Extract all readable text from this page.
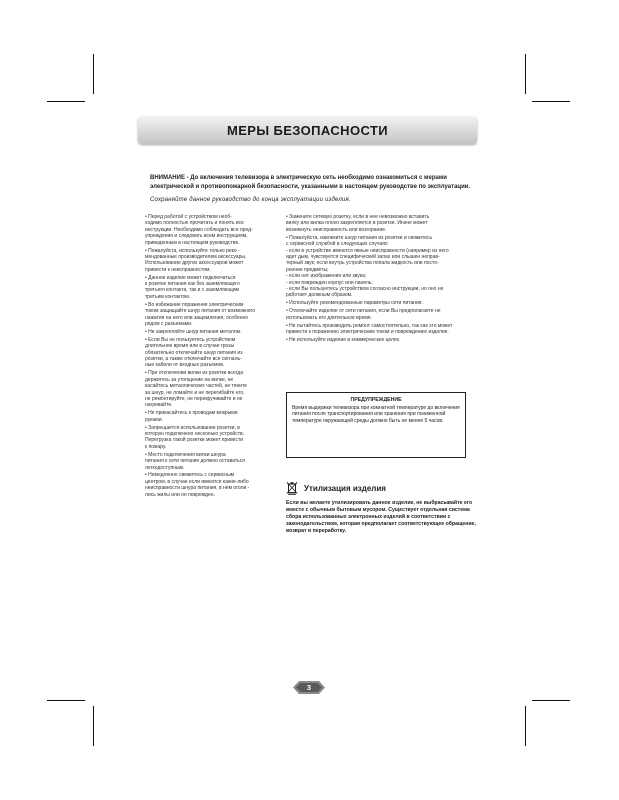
МЕРЫ БЕЗОПАСНОСТИ
ВНИМАНИЕ - До включения телевизора в электрическую сеть необходимо ознакомиться с мерами электрической и противопожарной безопасности, указанными в настоящем руководстве по эксплуатации.
Сохраняйте данное руководство до конца эксплуатации изделия.

• Перед работой с устройством необ-
ходимо полностью прочитать и понять все
инструкции. Необходимо соблюдать все пред-
упреждения и следовать всем инструкциям,
приведенным в настоящем руководстве.

• Пожалуйста, используйте только реко -
мендованные производителем аксессуары.
Использование других аксессуаров может
привести к неисправностям.

• Данное изделие может подключаться
к розетке питания как без заземляющего
третьего контакта, так и с заземляющим
третьим контактом.

• Во избежание поражения электрическим
током защищайте шнур питания от возможного
нажатия на него или защемления, особенно
рядом с разъемами.

• Не закрепляйте шнур питания металом.

• Если Вы не пользуетесь устройством
длительное время или в случае грозы
обязательно отключайте шнур питания из
розетки, а также отключайте все сигналь-
ные кабели от входных разъемов.

• При отключении вилки из розетки всегда
держитесь за утолщение на вилке, не
касайтесь металлических частей, не тяните
за шнур, не ломайте и не перегибайте его,
не ремонтируйте, не перекручивайте и не
нагревайте.

• Не прикасайтесь к проводам мокрыми
руками.

• Запрещается использование розетки, в
которую подключено несколько устройств.
Перегрузка такой розетки может привести
к пожару.

• Место подключения вилки шнура
питания к сети питания должно оставаться
легкодоступным.

• Немедленно свяжитесь с сервисным
центром, в случае если имеются какие-либо
неисправности шнура питания, в нем оголи -
лись жилы или он поврежден.

• Замените сетевую розетку, если в нее невозможно вставить
вилку или вилка плохо закрепляется в розетке. Иначе может
возникнуть неисправность или возгорание.

• Пожалуйста, извлеките шнур питания из розетки и свяжитесь
с сервисной службой в следующих случаях:
- если в устройстве имеются явные неисправности (например из него
идет дым, чувствуется специфический запах или слышен неправ-
терный звук; если внутрь устройства попала жидкость или посто-
ронние предметы;
- если нет изображения или звука;
- если поврежден корпус или панель;
- если Вы пользуетесь устройством согласно инструкции, но оно не
работает должным образом.

• Используйте рекомендованные параметры сети питания.

• Отключайте изделие от сети питания, если Вы предполагаете не
использовать его длительное время.

• Не пытайтесь производить ремонт самостоятельно, так как это может
привести к поражению электрическим током и повреждению изделия.

• Не используйте изделие в коммерческих целях.

ПРЕДУПРЕЖДЕНИЕ
Время выдержки телевизора при комнатной температуре до включения питания после транспортирования или хранения при пониженной температуре окружающей среды должно быть не менее 5 часов.
Утилизация изделия
Если вы желаете утилизировать данное изделие, не выбрасывайте его вместе с обычным бытовым мусором. Существует отдельная система сбора использованных электронных изделий в соответствии с законодательством, которая предполагает соответствующее обращение, возврат и переработку.
3
